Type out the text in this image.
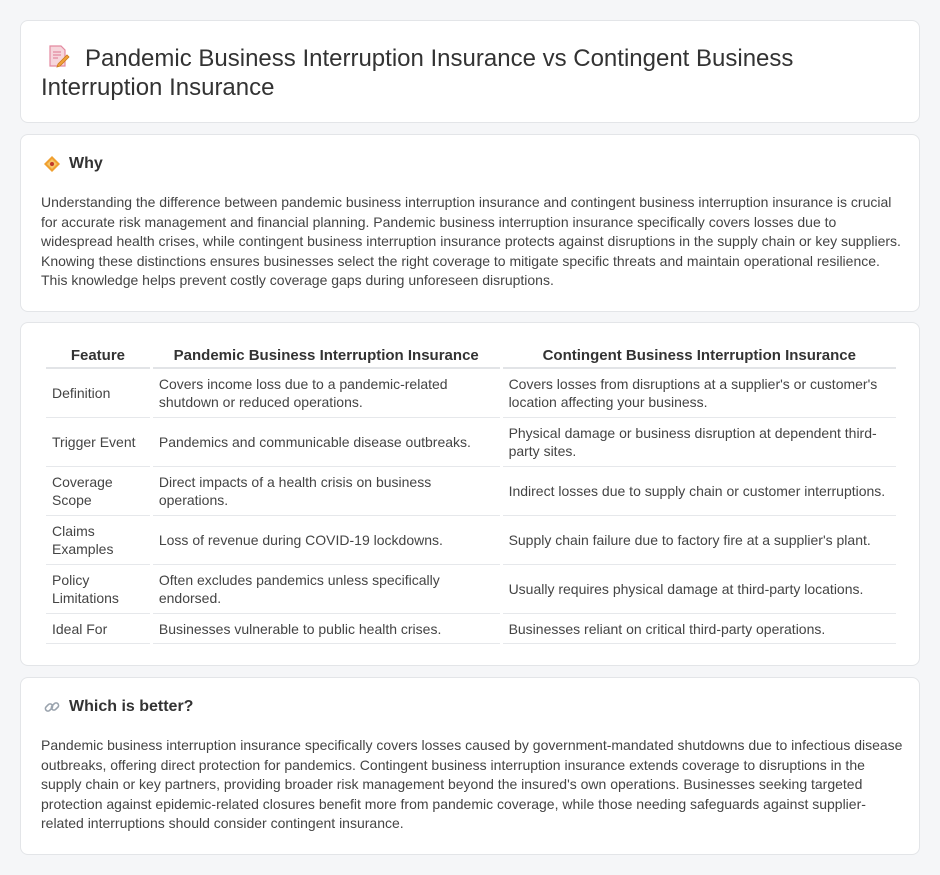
Pandemic Business Interruption Insurance vs Contingent Business Interruption Insurance
Why

Understanding the difference between pandemic business interruption insurance and contingent business interruption insurance is crucial for accurate risk management and financial planning. Pandemic business interruption insurance specifically covers losses due to widespread health crises, while contingent business interruption insurance protects against disruptions in the supply chain or key suppliers. Knowing these distinctions ensures businesses select the right coverage to mitigate specific threats and maintain operational resilience. This knowledge helps prevent costly coverage gaps during unforeseen disruptions.

Feature	Pandemic Business Interruption Insurance	Contingent Business Interruption Insurance
Definition	Covers income loss due to a pandemic-related shutdown or reduced operations.	Covers losses from disruptions at a supplier's or customer's location affecting your business.
Trigger Event	Pandemics and communicable disease outbreaks.	Physical damage or business disruption at dependent third-party sites.
Coverage Scope	Direct impacts of a health crisis on business operations.	Indirect losses due to supply chain or customer interruptions.
Claims Examples	Loss of revenue during COVID-19 lockdowns.	Supply chain failure due to factory fire at a supplier's plant.
Policy Limitations	Often excludes pandemics unless specifically endorsed.	Usually requires physical damage at third-party locations.
Ideal For	Businesses vulnerable to public health crises.	Businesses reliant on critical third-party operations.
Which is better?

Pandemic business interruption insurance specifically covers losses caused by government-mandated shutdowns due to infectious disease outbreaks, offering direct protection for pandemics. Contingent business interruption insurance extends coverage to disruptions in the supply chain or key partners, providing broader risk management beyond the insured's own operations. Businesses seeking targeted protection against epidemic-related closures benefit more from pandemic coverage, while those needing safeguards against supplier-related interruptions should consider contingent insurance.
